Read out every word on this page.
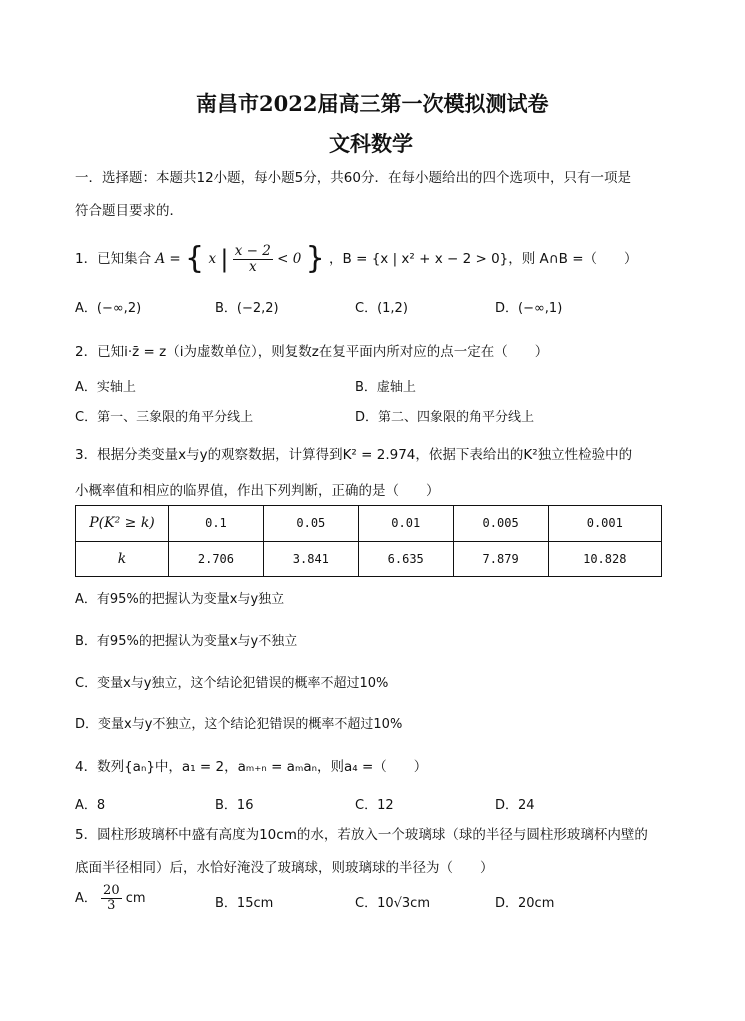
南昌市2022届高三第一次模拟测试卷
文科数学
一．选择题：本题共12小题，每小题5分，共60分．在每小题给出的四个选项中，只有一项是
符合题目要求的．
1．已知集合 A = { x | $\frac{x - 2}{x} < 0$ } ，B = {x | x² + x − 2 > 0}，则 A∩B =（　　）
A．(−∞,2)	B．(−2,2)	C．(1,2)	D．(−∞,1)
2．已知i·z̄ = z（i为虚数单位），则复数z在复平面内所对应的点一定在（　　）
A．实轴上	B．虚轴上
C．第一、三象限的角平分线上	D．第二、四象限的角平分线上
3．根据分类变量x与y的观察数据，计算得到K² = 2.974，依据下表给出的K²独立性检验中的
小概率值和相应的临界值，作出下列判断，正确的是（　　）
P(K² ≥ k)	0.1	0.05	0.01	0.005	0.001
k	2.706	3.841	6.635	7.879	10.828
A．有95%的把握认为变量x与y独立
B．有95%的把握认为变量x与y不独立
C．变量x与y独立，这个结论犯错误的概率不超过10%
D．变量x与y不独立，这个结论犯错误的概率不超过10%
4．数列{aₙ}中，a₁ = 2，aₘ₊ₙ = aₘaₙ，则a₄ =（　　）
A．8	B．16	C．12	D．24
5．圆柱形玻璃杯中盛有高度为10cm的水，若放入一个玻璃球（球的半径与圆柱形玻璃杯内壁的
底面半径相同）后，水恰好淹没了玻璃球，则玻璃球的半径为（　　）
A． $\frac{20}{3}$ cm	B．15cm	C．10√3cm	D．20cm
